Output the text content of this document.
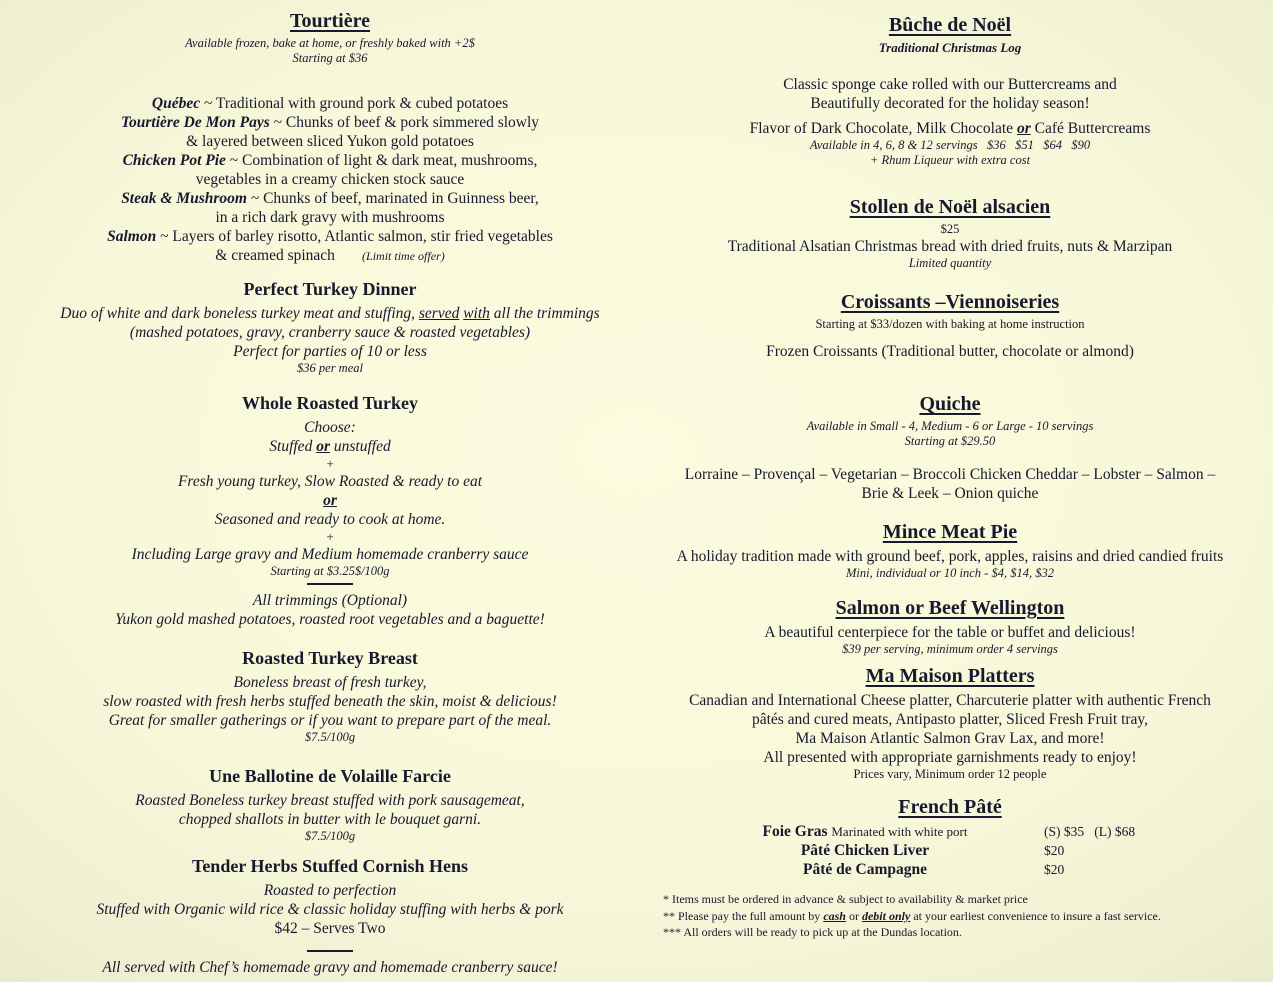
Tourtière
Available frozen, bake at home, or freshly baked with +2$
Starting at $36
Québec ~ Traditional with ground pork & cubed potatoes
Tourtière De Mon Pays ~ Chunks of beef & pork simmered slowly
& layered between sliced Yukon gold potatoes
Chicken Pot Pie ~ Combination of light & dark meat, mushrooms,
vegetables in a creamy chicken stock sauce
Steak & Mushroom ~ Chunks of beef, marinated in Guinness beer,
in a rich dark gravy with mushrooms
Salmon ~ Layers of barley risotto, Atlantic salmon, stir fried vegetables
& creamed spinach       (Limit time offer)
Perfect Turkey Dinner
Duo of white and dark boneless turkey meat and stuffing, served with all the trimmings
(mashed potatoes, gravy, cranberry sauce & roasted vegetables)
Perfect for parties of 10 or less
$36 per meal
Whole Roasted Turkey
Choose:
Stuffed or unstuffed
+
Fresh young turkey, Slow Roasted & ready to eat
or
Seasoned and ready to cook at home.
+
Including Large gravy and Medium homemade cranberry sauce
Starting at $3.25$/100g
All trimmings (Optional)
Yukon gold mashed potatoes, roasted root vegetables and a baguette!
Roasted Turkey Breast
Boneless breast of fresh turkey,
slow roasted with fresh herbs stuffed beneath the skin, moist & delicious!
Great for smaller gatherings or if you want to prepare part of the meal.
$7.5/100g
Une Ballotine de Volaille Farcie
Roasted Boneless turkey breast stuffed with pork sausagemeat,
chopped shallots in butter with le bouquet garni.
$7.5/100g
Tender Herbs Stuffed Cornish Hens
Roasted to perfection
Stuffed with Organic wild rice & classic holiday stuffing with herbs & pork
$42 – Serves Two
All served with Chef’s homemade gravy and homemade cranberry sauce!
Bûche de Noël
Traditional Christmas Log
Classic sponge cake rolled with our Buttercreams and
Beautifully decorated for the holiday season!
Flavor of Dark Chocolate, Milk Chocolate or Café Buttercreams
Available in 4, 6, 8 & 12 servings   $36   $51   $64   $90
+ Rhum Liqueur with extra cost
Stollen de Noël alsacien
$25
Traditional Alsatian Christmas bread with dried fruits, nuts & Marzipan
Limited quantity
Croissants –Viennoiseries
Starting at $33/dozen with baking at home instruction
Frozen Croissants (Traditional butter, chocolate or almond)
Quiche
Available in Small - 4, Medium - 6 or Large - 10 servings
Starting at $29.50
Lorraine – Provençal – Vegetarian – Broccoli Chicken Cheddar – Lobster – Salmon –
Brie & Leek – Onion quiche
Mince Meat Pie
A holiday tradition made with ground beef, pork, apples, raisins and dried candied fruits
Mini, individual or 10 inch - $4, $14, $32
Salmon or Beef Wellington
A beautiful centerpiece for the table or buffet and delicious!
$39 per serving, minimum order 4 servings
Ma Maison Platters
Canadian and International Cheese platter, Charcuterie platter with authentic French
pâtés and cured meats, Antipasto platter, Sliced Fresh Fruit tray,
Ma Maison Atlantic Salmon Grav Lax, and more!
All presented with appropriate garnishments ready to enjoy!
Prices vary, Minimum order 12 people
French Pâté
Foie Gras Marinated with white port	(S) $35   (L) $68
Pâté Chicken Liver	$20
Pâté de Campagne	$20
* Items must be ordered in advance & subject to availability & market price
** Please pay the full amount by cash or debit only at your earliest convenience to insure a fast service.
*** All orders will be ready to pick up at the Dundas location.
